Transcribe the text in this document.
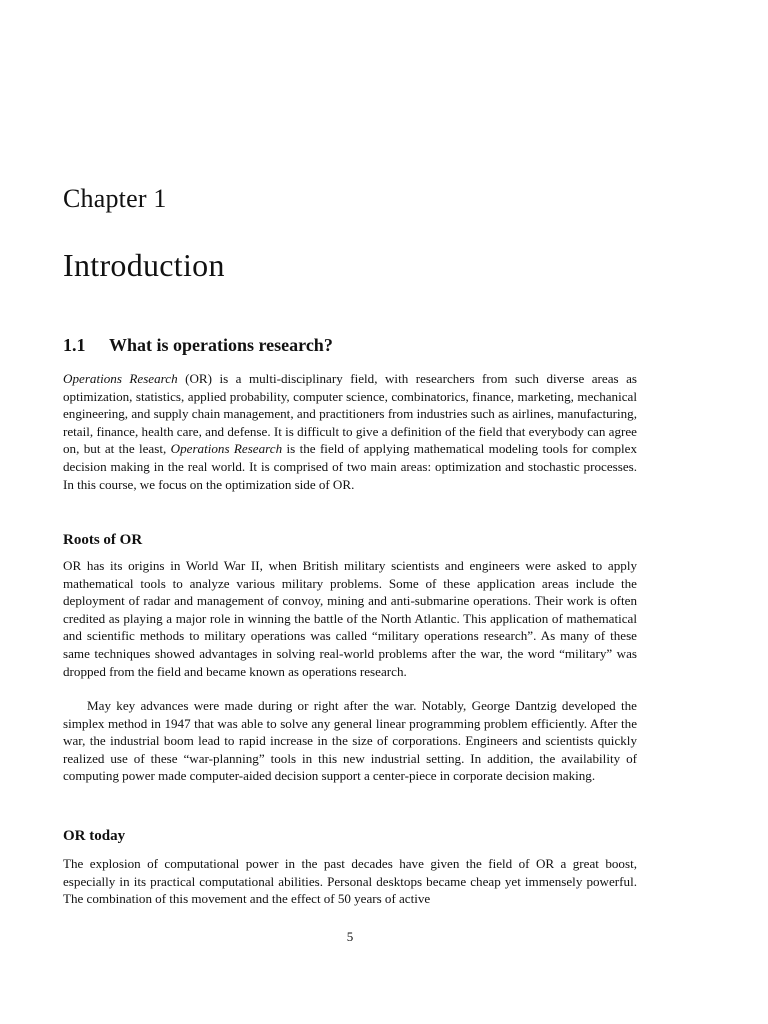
Chapter 1
Introduction
1.1 What is operations research?

Operations Research (OR) is a multi-disciplinary field, with researchers from such diverse areas as optimization, statistics, applied probability, computer science, combinatorics, finance, marketing, mechanical engineering, and supply chain management, and practitioners from industries such as airlines, manufacturing, retail, finance, health care, and defense. It is difficult to give a definition of the field that everybody can agree on, but at the least, Operations Research is the field of applying mathematical modeling tools for complex decision making in the real world. It is comprised of two main areas: optimization and stochastic processes. In this course, we focus on the optimization side of OR.

Roots of OR

OR has its origins in World War II, when British military scientists and engineers were asked to apply mathematical tools to analyze various military problems. Some of these application areas include the deployment of radar and management of convoy, mining and anti-submarine operations. Their work is often credited as playing a major role in winning the battle of the North Atlantic. This application of mathematical and scientific methods to military operations was called “military operations research”. As many of these same techniques showed advantages in solving real-world problems after the war, the word “military” was dropped from the field and became known as operations research.

May key advances were made during or right after the war. Notably, George Dantzig developed the simplex method in 1947 that was able to solve any general linear programming problem efficiently. After the war, the industrial boom lead to rapid increase in the size of corporations. Engineers and scientists quickly realized use of these “war-planning” tools in this new industrial setting. In addition, the availability of computing power made computer-aided decision support a center-piece in corporate decision making.

OR today

The explosion of computational power in the past decades have given the field of OR a great boost, especially in its practical computational abilities. Personal desktops became cheap yet immensely powerful. The combination of this movement and the effect of 50 years of active

5
